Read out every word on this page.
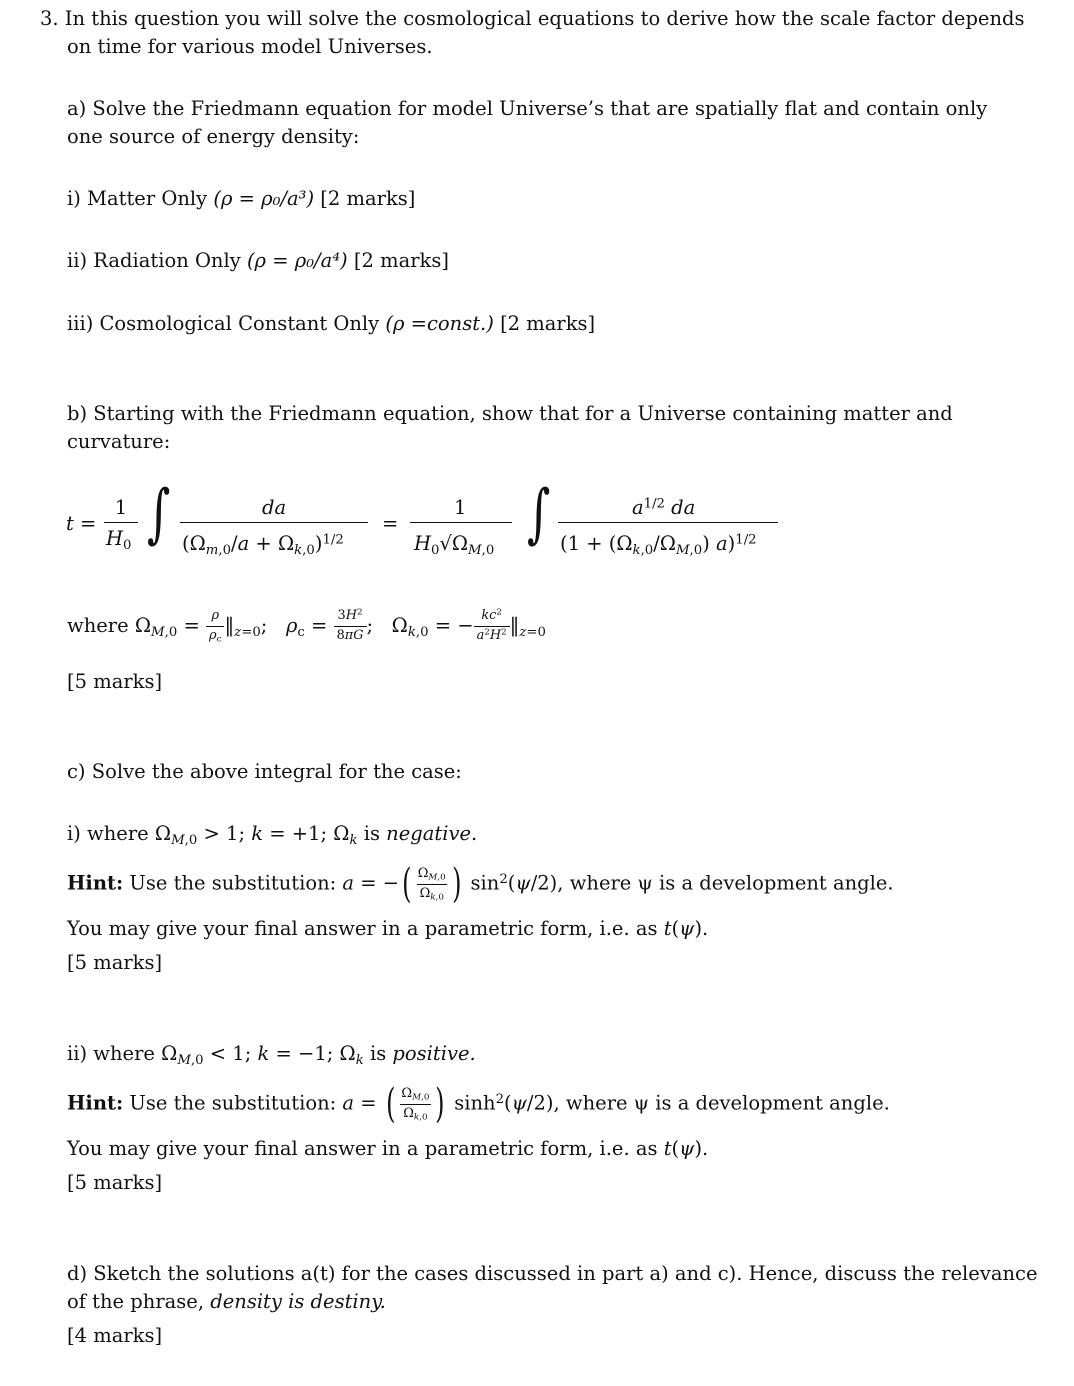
3. In this question you will solve the cosmological equations to derive how the scale factor depends
on time for various model Universes.
a) Solve the Friedmann equation for model Universe’s that are spatially flat and contain only
one source of energy density:
i) Matter Only (ρ = ρ₀/a³) [2 marks]
ii) Radiation Only (ρ = ρ₀/a⁴) [2 marks]
iii) Cosmological Constant Only (ρ =const.) [2 marks]
b) Starting with the Friedmann equation, show that for a Universe containing matter and
curvature:
t =
1
$H_0$ ∫	da
$(\Omega_{m,0}/a + \Omega_{k,0})^{1/2}$
=
1
$H_0√\Omega_{M,0}$ ∫	$a^{1/2}$ da
($1 + (\Omega_{k,0}/\Omega_{M,0})$ a)$^{1/2}$
where $\Omega_{M,0} = \frac{\rho}{\rho_c}$ $‖_{z=0}$;   $\rho_c = \frac{3H^2}{8\pi G}$ ;   $\Omega_{k,0}$ = − $\frac{kc^2}{a^2H^2}$ $‖_{z=0}$
[5 marks]
c) Solve the above integral for the case:
i) where $\Omega_{M,0} > 1$; k = +1; $\Omega_k$ is negative.
Hint: Use the substitution: a = −( $\frac{\Omega_{M,0}}{\Omega_{k,0}}$ ) $\sin^2(\psi/2)$, where ψ is a development angle.
You may give your final answer in a parametric form, i.e. as t(ψ).
[5 marks]
ii) where $\Omega_{M,0} < 1$; k = −1; $\Omega_k$ is positive.
Hint: Use the substitution: a = ( $\frac{\Omega_{M,0}}{\Omega_{k,0}}$ ) $\sinh^2(\psi/2)$, where ψ is a development angle.
You may give your final answer in a parametric form, i.e. as t(ψ).
[5 marks]
d) Sketch the solutions a(t) for the cases discussed in part a) and c). Hence, discuss the relevance
of the phrase, density is destiny.
[4 marks]
